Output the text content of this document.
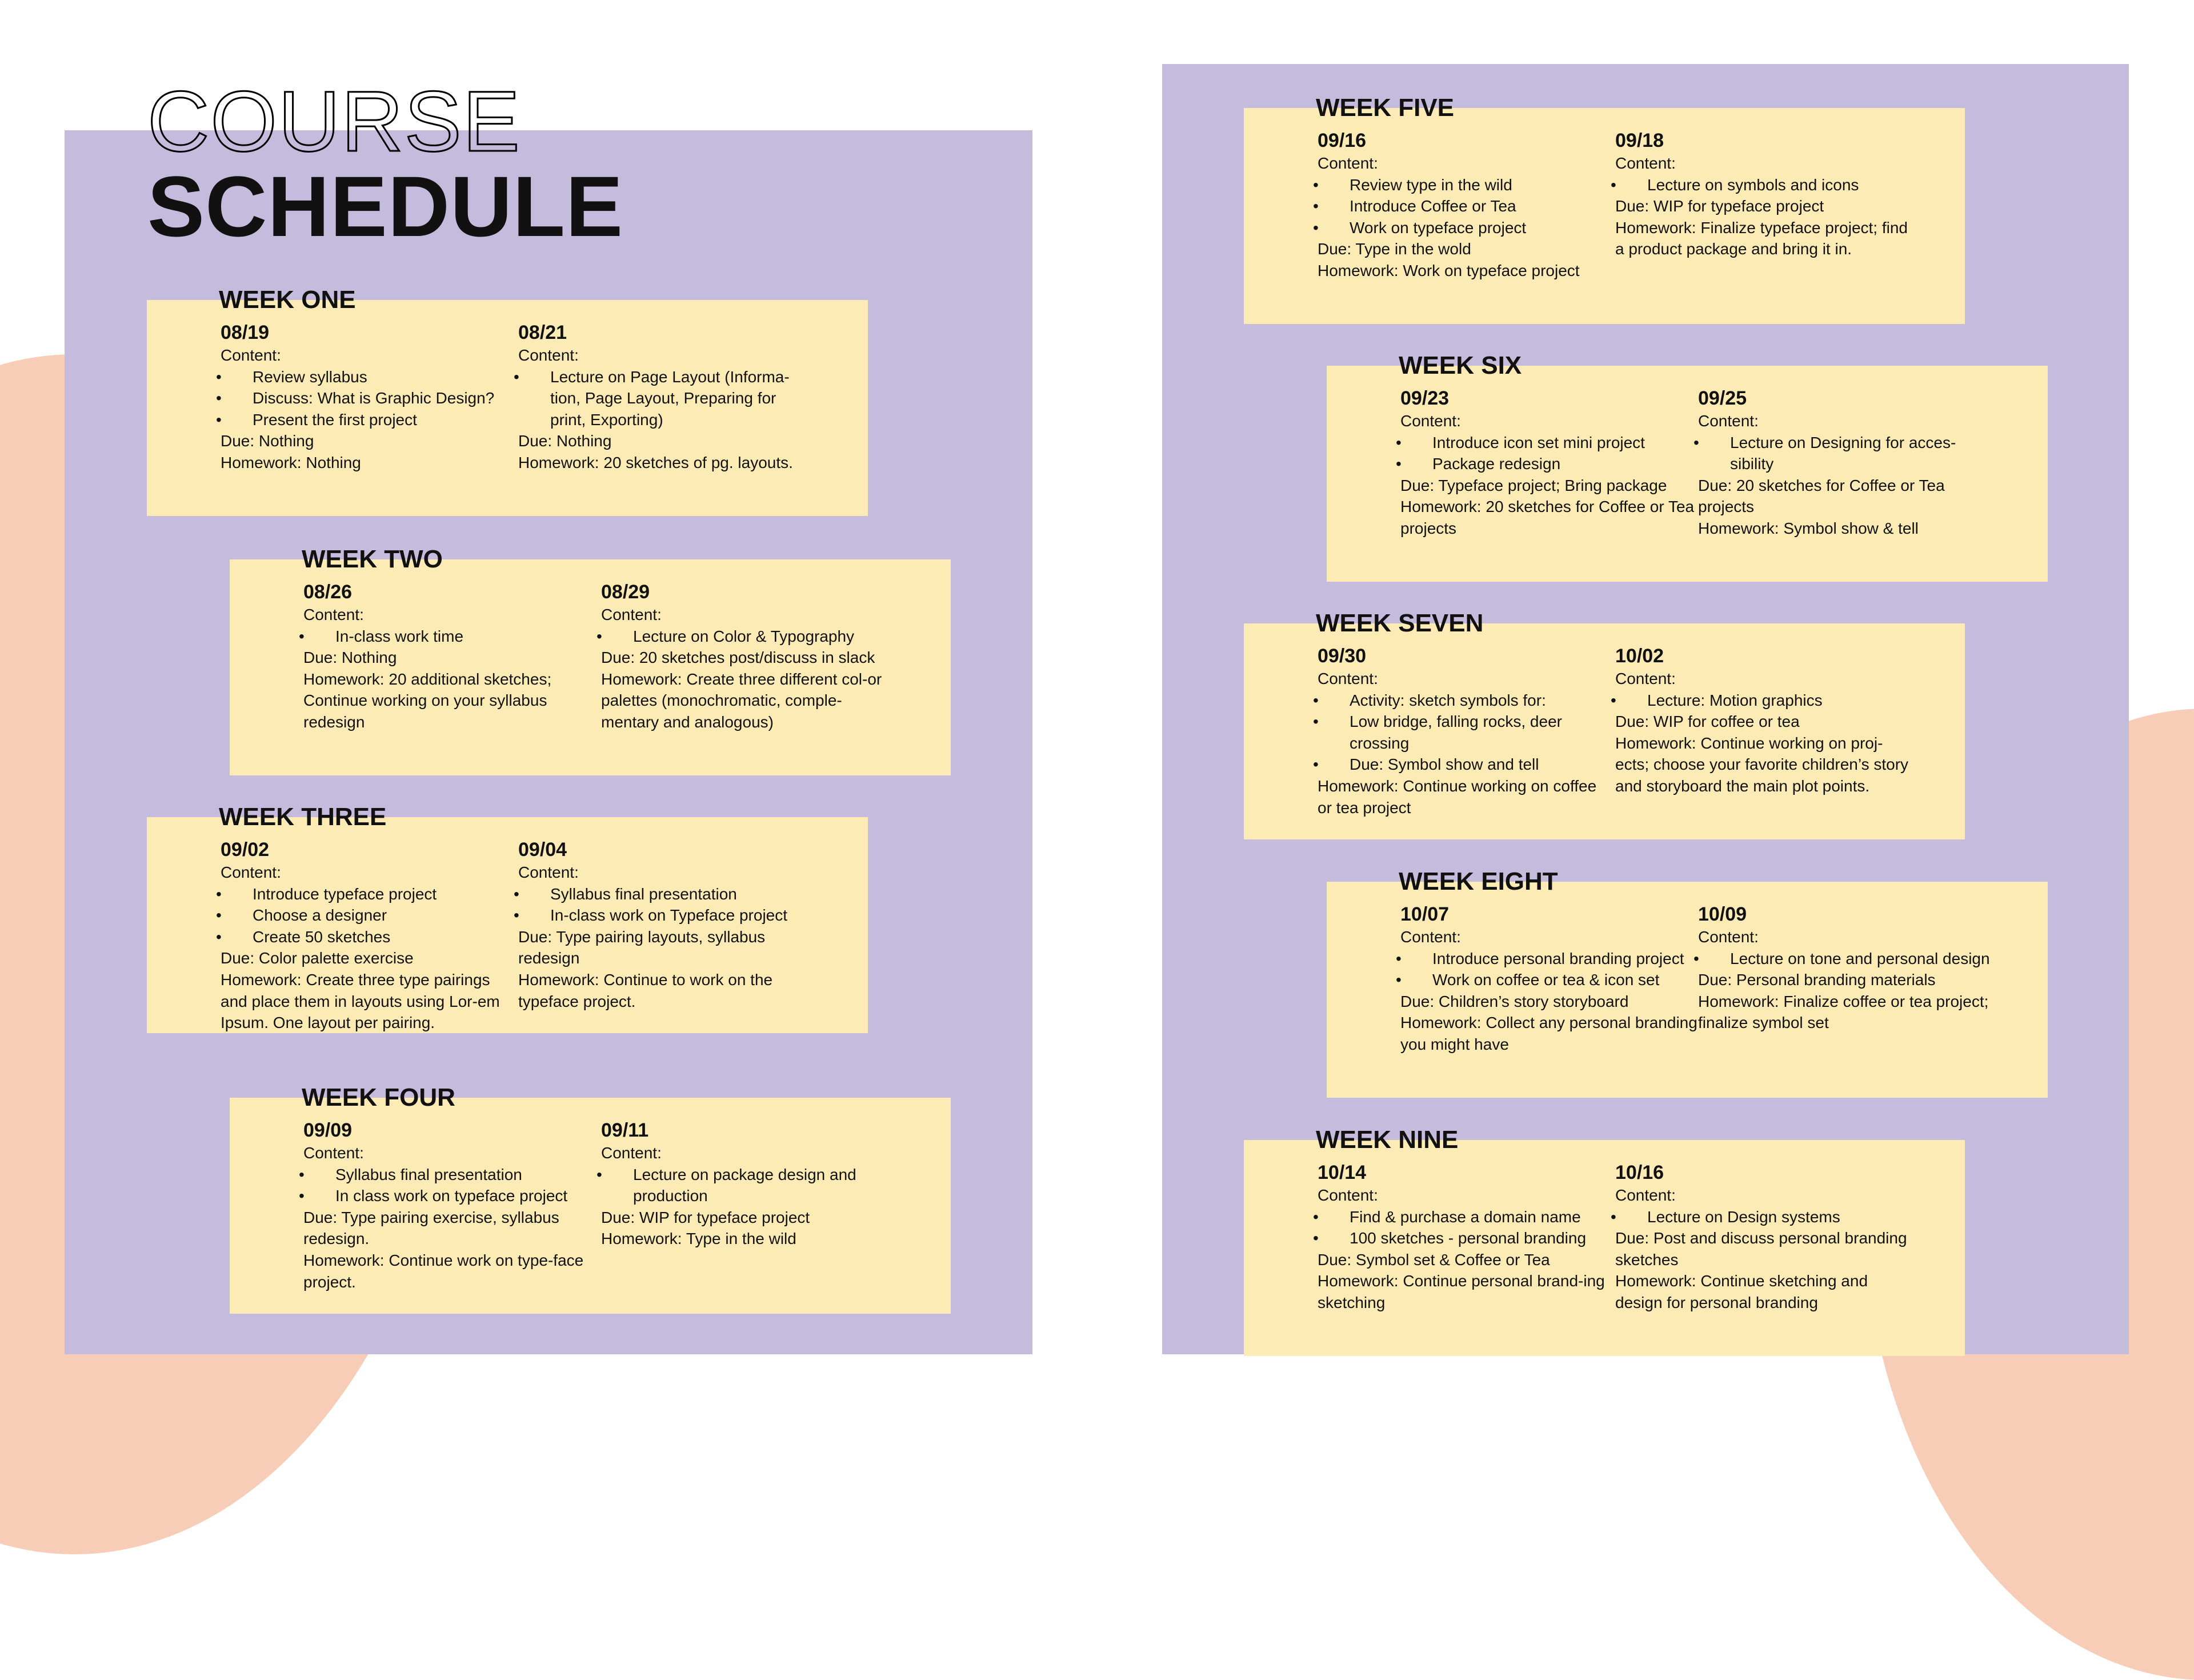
COURSE
SCHEDULE
WEEK ONE
08/19

Content:

• Review syllabus
• Discuss: What is Graphic Design?
• Present the first project

Due: Nothing

Homework: Nothing

08/21

Content:

• Lecture on Page Layout (Informa-tion, Page Layout, Preparing for print, Exporting)

Due: Nothing

Homework: 20 sketches of pg. layouts.

WEEK TWO
08/26

Content:

• In-class work time

Due: Nothing

Homework: 20 additional sketches; Continue working on your syllabus redesign

08/29

Content:

• Lecture on Color & Typography

Due: 20 sketches post/discuss in slack

Homework: Create three different col-or palettes (monochromatic, comple-mentary and analogous)

WEEK THREE
09/02

Content:

• Introduce typeface project
• Choose a designer
• Create 50 sketches

Due: Color palette exercise

Homework: Create three type pairings and place them in layouts using Lor-em Ipsum. One layout per pairing.

09/04

Content:

• Syllabus final presentation
• In-class work on Typeface project

Due: Type pairing layouts, syllabus redesign

Homework: Continue to work on the typeface project.

WEEK FOUR
09/09

Content:

• Syllabus final presentation
• In class work on typeface project

Due: Type pairing exercise, syllabus redesign.

Homework: Continue work on type-face project.

09/11

Content:

• Lecture on package design and production

Due: WIP for typeface project

Homework: Type in the wild

WEEK FIVE
09/16

Content:

• Review type in the wild
• Introduce Coffee or Tea
• Work on typeface project

Due: Type in the wold

Homework: Work on typeface project

09/18

Content:

• Lecture on symbols and icons

Due: WIP for typeface project

Homework: Finalize typeface project; find a product package and bring it in.

WEEK SIX
09/23

Content:

• Introduce icon set mini project
• Package redesign

Due: Typeface project; Bring package

Homework: 20 sketches for Coffee or Tea projects

09/25

Content:

• Lecture on Designing for acces-sibility

Due: 20 sketches for Coffee or Tea projects

Homework: Symbol show & tell

WEEK SEVEN
09/30

Content:

• Activity: sketch symbols for:
• Low bridge, falling rocks, deer crossing
• Due: Symbol show and tell

Homework: Continue working on coffee or tea project

10/02

Content:

• Lecture: Motion graphics

Due: WIP for coffee or tea

Homework: Continue working on proj-ects; choose your favorite children’s story and storyboard the main plot points.

WEEK EIGHT
10/07

Content:

• Introduce personal branding project
• Work on coffee or tea & icon set

Due: Children’s story storyboard

Homework: Collect any personal branding you might have

10/09

Content:

• Lecture on tone and personal design

Due: Personal branding materials

Homework: Finalize coffee or tea project; finalize symbol set

WEEK NINE
10/14

Content:

• Find & purchase a domain name
• 100 sketches - personal branding

Due: Symbol set & Coffee or Tea

Homework: Continue personal brand-ing sketching

10/16

Content:

• Lecture on Design systems

Due: Post and discuss personal branding sketches

Homework: Continue sketching and design for personal branding
